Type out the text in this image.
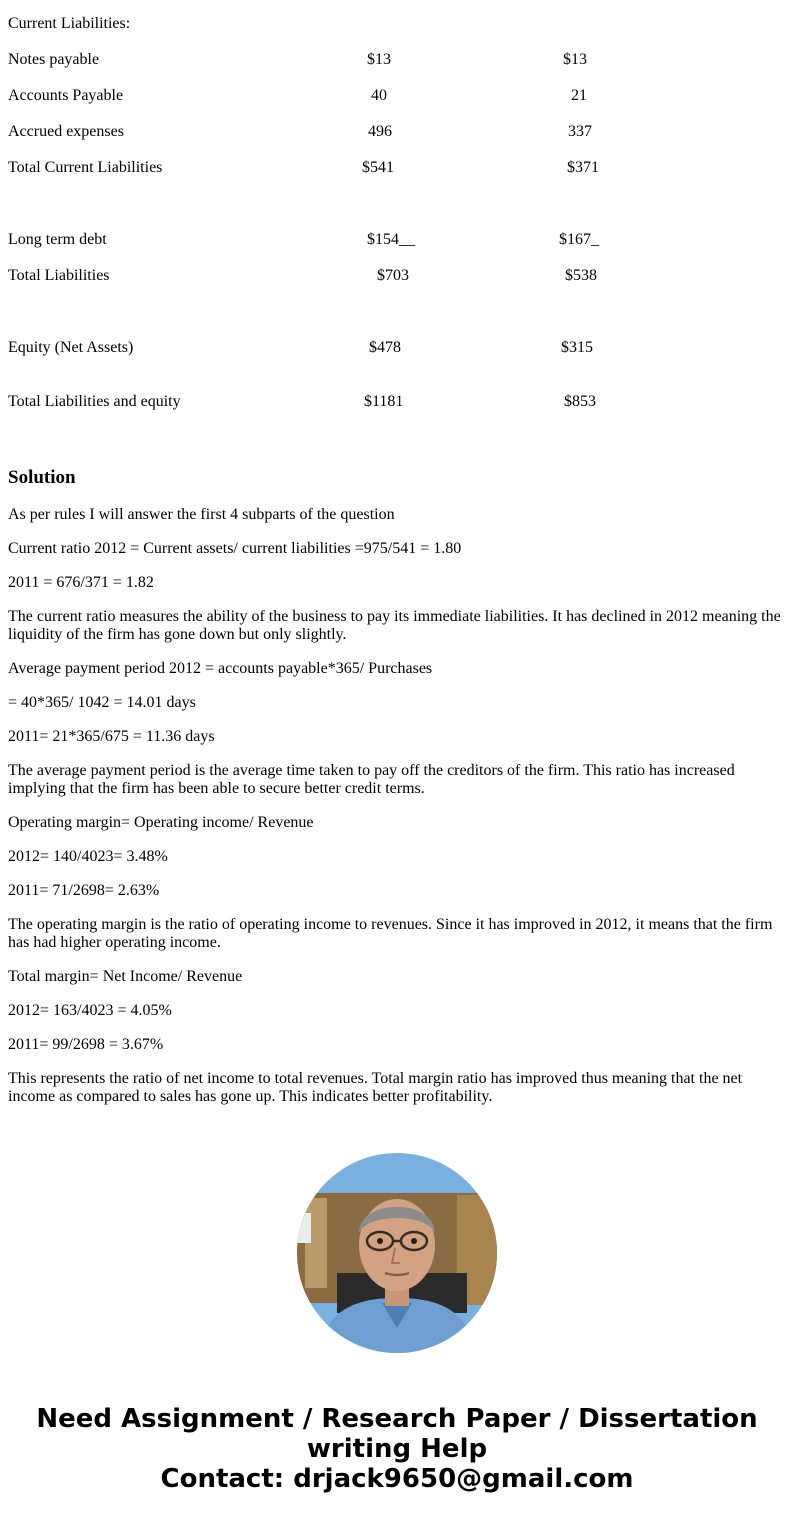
Current Liabilities:
Notes payable	$13	$13
Accounts Payable	40	21
Accrued expenses	496	337
Total Current Liabilities	$541	$371
Long term debt	$154__	$167_
Total Liabilities	$703	$538
Equity (Net Assets)	$478	$315
Total Liabilities and equity	$1181	$853
Solution
As per rules I will answer the first 4 subparts of the question
Current ratio 2012 = Current assets/ current liabilities =975/541 = 1.80
2011 = 676/371 = 1.82
The current ratio measures the ability of the business to pay its immediate liabilities. It has declined in 2012 meaning the liquidity of the firm has gone down but only slightly.
Average payment period 2012 = accounts payable*365/ Purchases
= 40*365/ 1042 = 14.01 days
2011= 21*365/675 = 11.36 days
The average payment period is the average time taken to pay off the creditors of the firm. This ratio has increased implying that the firm has been able to secure better credit terms.
Operating margin= Operating income/ Revenue
2012= 140/4023= 3.48%
2011= 71/2698= 2.63%
The operating margin is the ratio of operating income to revenues. Since it has improved in 2012, it means that the firm has had higher operating income.
Total margin= Net Income/ Revenue
2012= 163/4023 = 4.05%
2011= 99/2698 = 3.67%
This represents the ratio of net income to total revenues. Total margin ratio has improved thus meaning that the net income as compared to sales has gone up. This indicates better profitability.
Need Assignment / Research Paper / Dissertation
writing Help
Contact: drjack9650@gmail.com
